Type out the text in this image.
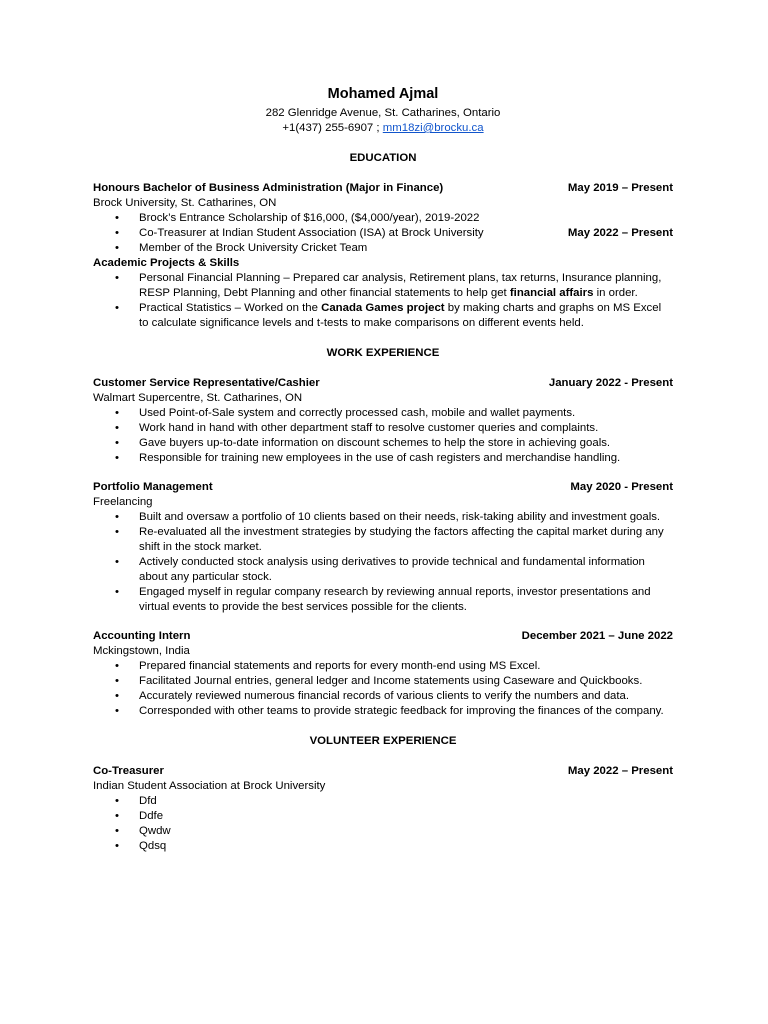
Mohamed Ajmal
282 Glenridge Avenue, St. Catharines, Ontario
+1(437) 255-6907 ; mm18zi@brocku.ca
EDUCATION
Honours Bachelor of Business Administration (Major in Finance)	May 2019 – Present
Brock University, St. Catharines, ON
• Brock’s Entrance Scholarship of $16,000, ($4,000/year), 2019-2022
• Co-Treasurer at Indian Student Association (ISA) at Brock University	May 2022 – Present
• Member of the Brock University Cricket Team
Academic Projects & Skills
• Personal Financial Planning – Prepared car analysis, Retirement plans, tax returns, Insurance planning, RESP Planning, Debt Planning and other financial statements to help get financial affairs in order.
• Practical Statistics – Worked on the Canada Games project by making charts and graphs on MS Excel to calculate significance levels and t-tests to make comparisons on different events held.
WORK EXPERIENCE
Customer Service Representative/Cashier	January 2022 - Present
Walmart Supercentre, St. Catharines, ON
• Used Point-of-Sale system and correctly processed cash, mobile and wallet payments.
• Work hand in hand with other department staff to resolve customer queries and complaints.
• Gave buyers up-to-date information on discount schemes to help the store in achieving goals.
• Responsible for training new employees in the use of cash registers and merchandise handling.
Portfolio Management	May 2020 - Present
Freelancing
• Built and oversaw a portfolio of 10 clients based on their needs, risk-taking ability and investment goals.
• Re-evaluated all the investment strategies by studying the factors affecting the capital market during any shift in the stock market.
• Actively conducted stock analysis using derivatives to provide technical and fundamental information about any particular stock.
• Engaged myself in regular company research by reviewing annual reports, investor presentations and virtual events to provide the best services possible for the clients.
Accounting Intern	December 2021 – June 2022
Mckingstown, India
• Prepared financial statements and reports for every month-end using MS Excel.
• Facilitated Journal entries, general ledger and Income statements using Caseware and Quickbooks.
• Accurately reviewed numerous financial records of various clients to verify the numbers and data.
• Corresponded with other teams to provide strategic feedback for improving the finances of the company.
VOLUNTEER EXPERIENCE
Co-Treasurer	May 2022 – Present
Indian Student Association at Brock University
• Dfd
• Ddfe
• Qwdw
• Qdsq
